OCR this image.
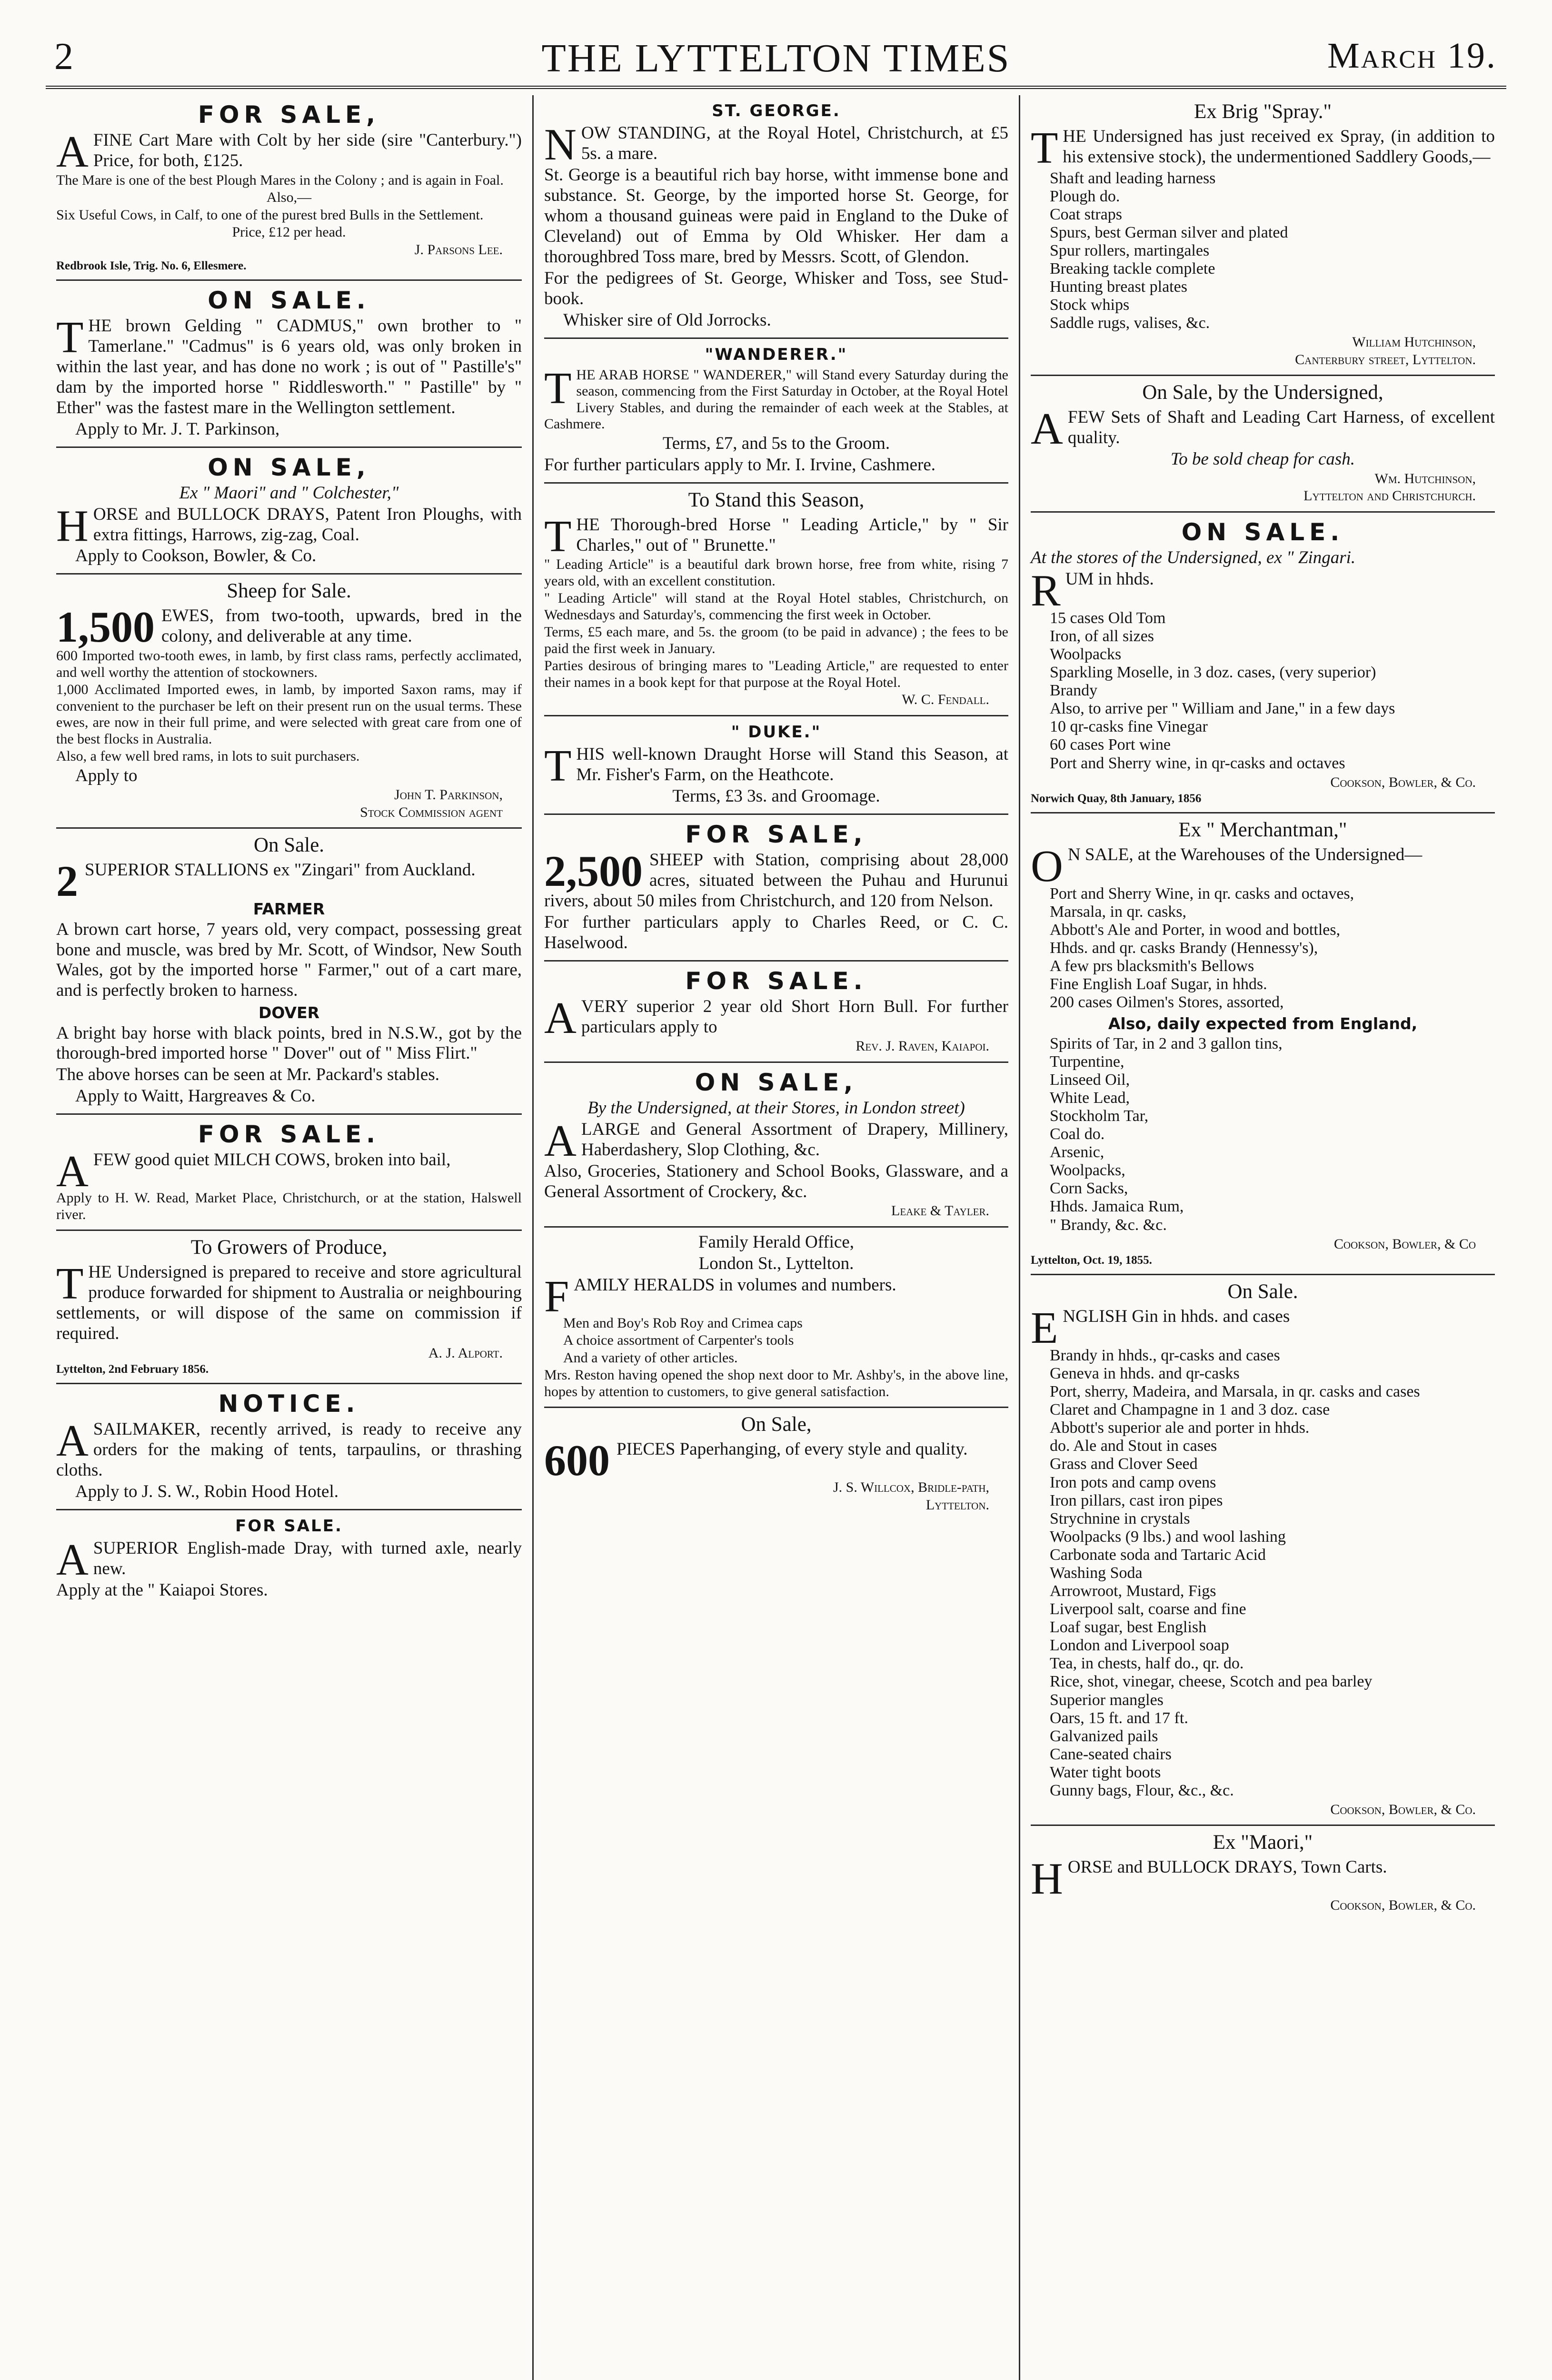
2	THE LYTTELTON TIMES	March 19.
FOR SALE,
A FINE Cart Mare with Colt by her side (sire "Canterbury.") Price, for both, £125.

The Mare is one of the best Plough Mares in the Colony ; and is again in Foal.

Also,—

Six Useful Cows, in Calf, to one of the purest bred Bulls in the Settlement.

Price, £12 per head.

J. Parsons Lee.

Redbrook Isle, Trig. No. 6, Ellesmere.

ON SALE.
T HE brown Gelding " CADMUS," own brother to " Tamerlane." "Cadmus" is 6 years old, was only broken in within the last year, and has done no work ; is out of " Pastille's" dam by the imported horse " Riddlesworth." " Pastille" by " Ether" was the fastest mare in the Wellington settlement.

Apply to Mr. J. T. Parkinson,

ON SALE,

Ex " Maori" and " Colchester,"

H ORSE and BULLOCK DRAYS, Patent Iron Ploughs, with extra fittings, Harrows, zig-zag, Coal.

Apply to Cookson, Bowler, & Co.

Sheep for Sale.
1,500 EWES, from two-tooth, upwards, bred in the colony, and deliverable at any time.

600 Imported two-tooth ewes, in lamb, by first class rams, perfectly acclimated, and well worthy the attention of stockowners.

1,000 Acclimated Imported ewes, in lamb, by imported Saxon rams, may if convenient to the purchaser be left on their present run on the usual terms. These ewes, are now in their full prime, and were selected with great care from one of the best flocks in Australia.

Also, a few well bred rams, in lots to suit purchasers.

Apply to

John T. Parkinson,

Stock Commission agent

On Sale.
2 SUPERIOR STALLIONS ex "Zingari" from Auckland.

FARMER

A brown cart horse, 7 years old, very compact, possessing great bone and muscle, was bred by Mr. Scott, of Windsor, New South Wales, got by the imported horse " Farmer," out of a cart mare, and is perfectly broken to harness.

DOVER

A bright bay horse with black points, bred in N.S.W., got by the thorough-bred imported horse " Dover" out of " Miss Flirt."

The above horses can be seen at Mr. Packard's stables.

Apply to Waitt, Hargreaves & Co.

FOR SALE.
A FEW good quiet MILCH COWS, broken into bail,

Apply to H. W. Read, Market Place, Christchurch, or at the station, Halswell river.

To Growers of Produce,
T HE Undersigned is prepared to receive and store agricultural produce forwarded for shipment to Australia or neighbouring settlements, or will dispose of the same on commission if required.

A. J. Alport.

Lyttelton, 2nd February 1856.

NOTICE.
A SAILMAKER, recently arrived, is ready to receive any orders for the making of tents, tarpaulins, or thrashing cloths.

Apply to J. S. W., Robin Hood Hotel.

FOR SALE.
A SUPERIOR English-made Dray, with turned axle, nearly new.

Apply at the " Kaiapoi Stores.

ST. GEORGE.
N OW STANDING, at the Royal Hotel, Christchurch, at £5 5s. a mare.

St. George is a beautiful rich bay horse, witht immense bone and substance. St. George, by the imported horse St. George, for whom a thousand guineas were paid in England to the Duke of Cleveland) out of Emma by Old Whisker. Her dam a thoroughbred Toss mare, bred by Messrs. Scott, of Glendon.

For the pedigrees of St. George, Whisker and Toss, see Stud-book.

Whisker sire of Old Jorrocks.

"WANDERER."
T HE ARAB HORSE " WANDERER," will Stand every Saturday during the season, commencing from the First Saturday in October, at the Royal Hotel Livery Stables, and during the remainder of each week at the Stables, at Cashmere.

Terms, £7, and 5s to the Groom.

For further particulars apply to Mr. I. Irvine, Cashmere.

To Stand this Season,
T HE Thorough-bred Horse " Leading Article," by " Sir Charles," out of " Brunette."

" Leading Article" is a beautiful dark brown horse, free from white, rising 7 years old, with an excellent constitution.

" Leading Article" will stand at the Royal Hotel stables, Christchurch, on Wednesdays and Saturday's, commencing the first week in October.

Terms, £5 each mare, and 5s. the groom (to be paid in advance) ; the fees to be paid the first week in January.

Parties desirous of bringing mares to "Leading Article," are requested to enter their names in a book kept for that purpose at the Royal Hotel.

W. C. Fendall.

" DUKE."
T HIS well-known Draught Horse will Stand this Season, at Mr. Fisher's Farm, on the Heathcote.

Terms, £3 3s. and Groomage.

FOR SALE,
2,500 SHEEP with Station, comprising about 28,000 acres, situated between the Puhau and Hurunui rivers, about 50 miles from Christchurch, and 120 from Nelson.

For further particulars apply to Charles Reed, or C. C. Haselwood.

FOR SALE.
A VERY superior 2 year old Short Horn Bull. For further particulars apply to

Rev. J. Raven, Kaiapoi.

ON SALE,

By the Undersigned, at their Stores, in London street)

A LARGE and General Assortment of Drapery, Millinery, Haberdashery, Slop Clothing, &c.

Also, Groceries, Stationery and School Books, Glassware, and a General Assortment of Crockery, &c.

Leake & Tayler.

Family Herald Office,

London St., Lyttelton.

F AMILY HERALDS in volumes and numbers.

Men and Boy's Rob Roy and Crimea caps

A choice assortment of Carpenter's tools

And a variety of other articles.

Mrs. Reston having opened the shop next door to Mr. Ashby's, in the above line, hopes by attention to customers, to give general satisfaction.

On Sale,
600 PIECES Paperhanging, of every style and quality.

J. S. Willcox, Bridle-path,

Lyttelton.

Ex Brig "Spray."
T HE Undersigned has just received ex Spray, (in addition to his extensive stock), the undermentioned Saddlery Goods,—

Shaft and leading harness
Plough do.
Coat straps
Spurs, best German silver and plated
Spur rollers, martingales
Breaking tackle complete
Hunting breast plates
Stock whips
Saddle rugs, valises, &c.

William Hutchinson,

Canterbury street, Lyttelton.

On Sale, by the Undersigned,
A FEW Sets of Shaft and Leading Cart Harness, of excellent quality.

To be sold cheap for cash.

Wm. Hutchinson,

Lyttelton and Christchurch.

ON SALE.

At the stores of the Undersigned, ex " Zingari.

R UM in hhds.

15 cases Old Tom
Iron, of all sizes
Woolpacks
Sparkling Moselle, in 3 doz. cases, (very superior)
Brandy
Also, to arrive per " William and Jane," in a few days
10 qr-casks fine Vinegar
60 cases Port wine
Port and Sherry wine, in qr-casks and octaves

Cookson, Bowler, & Co.

Norwich Quay, 8th January, 1856

Ex " Merchantman,"
O N SALE, at the Warehouses of the Undersigned—

Port and Sherry Wine, in qr. casks and octaves,
Marsala, in qr. casks,
Abbott's Ale and Porter, in wood and bottles,
Hhds. and qr. casks Brandy (Hennessy's),
A few prs blacksmith's Bellows
Fine English Loaf Sugar, in hhds.
200 cases Oilmen's Stores, assorted,
Also, daily expected from England,
Spirits of Tar, in 2 and 3 gallon tins,
Turpentine,
Linseed Oil,
White Lead,
Stockholm Tar,
Coal do.
Arsenic,
Woolpacks,
Corn Sacks,
Hhds. Jamaica Rum,
" Brandy, &c. &c.

Cookson, Bowler, & Co

Lyttelton, Oct. 19, 1855.

On Sale.
E NGLISH Gin in hhds. and cases

Brandy in hhds., qr-casks and cases
Geneva in hhds. and qr-casks
Port, sherry, Madeira, and Marsala, in qr. casks and cases
Claret and Champagne in 1 and 3 doz. case
Abbott's superior ale and porter in hhds.
do. Ale and Stout in cases
Grass and Clover Seed
Iron pots and camp ovens
Iron pillars, cast iron pipes
Strychnine in crystals
Woolpacks (9 lbs.) and wool lashing
Carbonate soda and Tartaric Acid
Washing Soda
Arrowroot, Mustard, Figs
Liverpool salt, coarse and fine
Loaf sugar, best English
London and Liverpool soap
Tea, in chests, half do., qr. do.
Rice, shot, vinegar, cheese, Scotch and pea barley
Superior mangles
Oars, 15 ft. and 17 ft.
Galvanized pails
Cane-seated chairs
Water tight boots
Gunny bags, Flour, &c., &c.

Cookson, Bowler, & Co.

Ex "Maori,"
H ORSE and BULLOCK DRAYS, Town Carts.

Cookson, Bowler, & Co.
